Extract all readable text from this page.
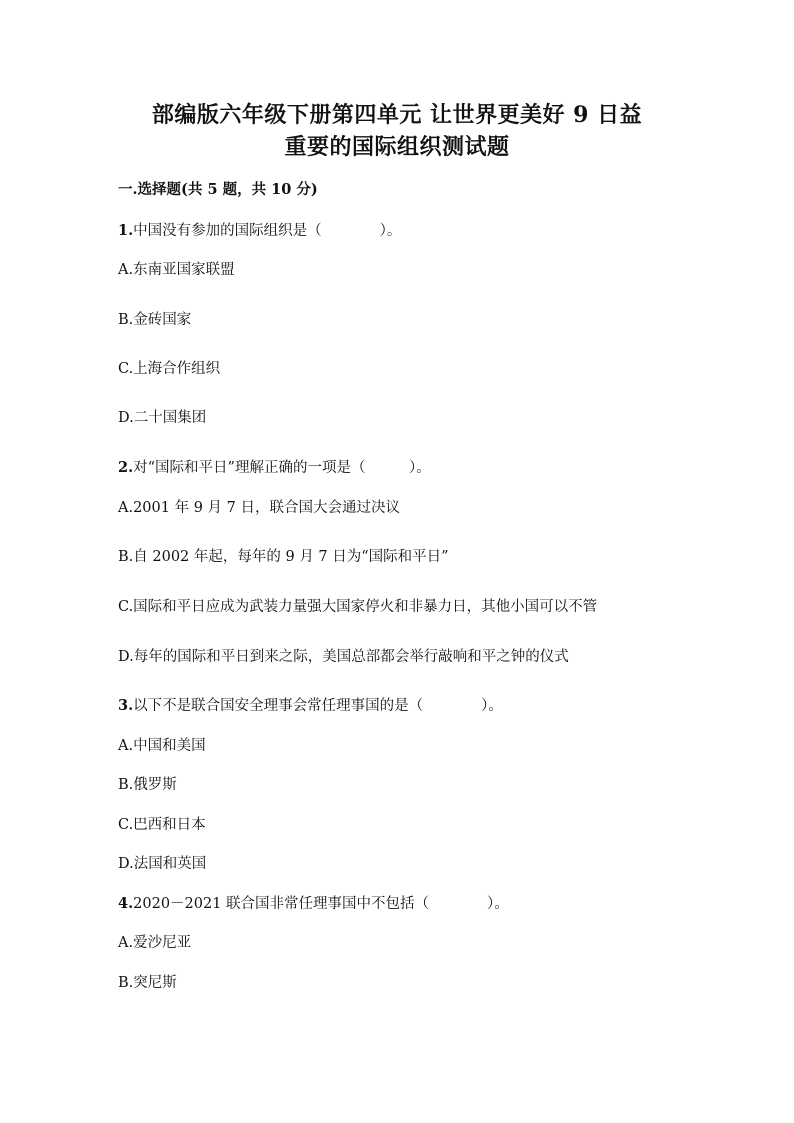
部编版六年级下册第四单元 让世界更美好 9 日益
重要的国际组织测试题
一.选择题(共 5 题，共 10 分)
1.中国没有参加的国际组织是（　　　　）。
A.东南亚国家联盟
B.金砖国家
C.上海合作组织
D.二十国集团
2.对“国际和平日”理解正确的一项是（　　　）。
A.2001 年 9 月 7 日，联合国大会通过决议
B.自 2002 年起，每年的 9 月 7 日为“国际和平日”
C.国际和平日应成为武装力量强大国家停火和非暴力日，其他小国可以不管
D.每年的国际和平日到来之际，美国总部都会举行敲响和平之钟的仪式
3.以下不是联合国安全理事会常任理事国的是（　　　　）。
A.中国和美国
B.俄罗斯
C.巴西和日本
D.法国和英国
4.2020－2021 联合国非常任理事国中不包括（　　　　）。
A.爱沙尼亚
B.突尼斯
